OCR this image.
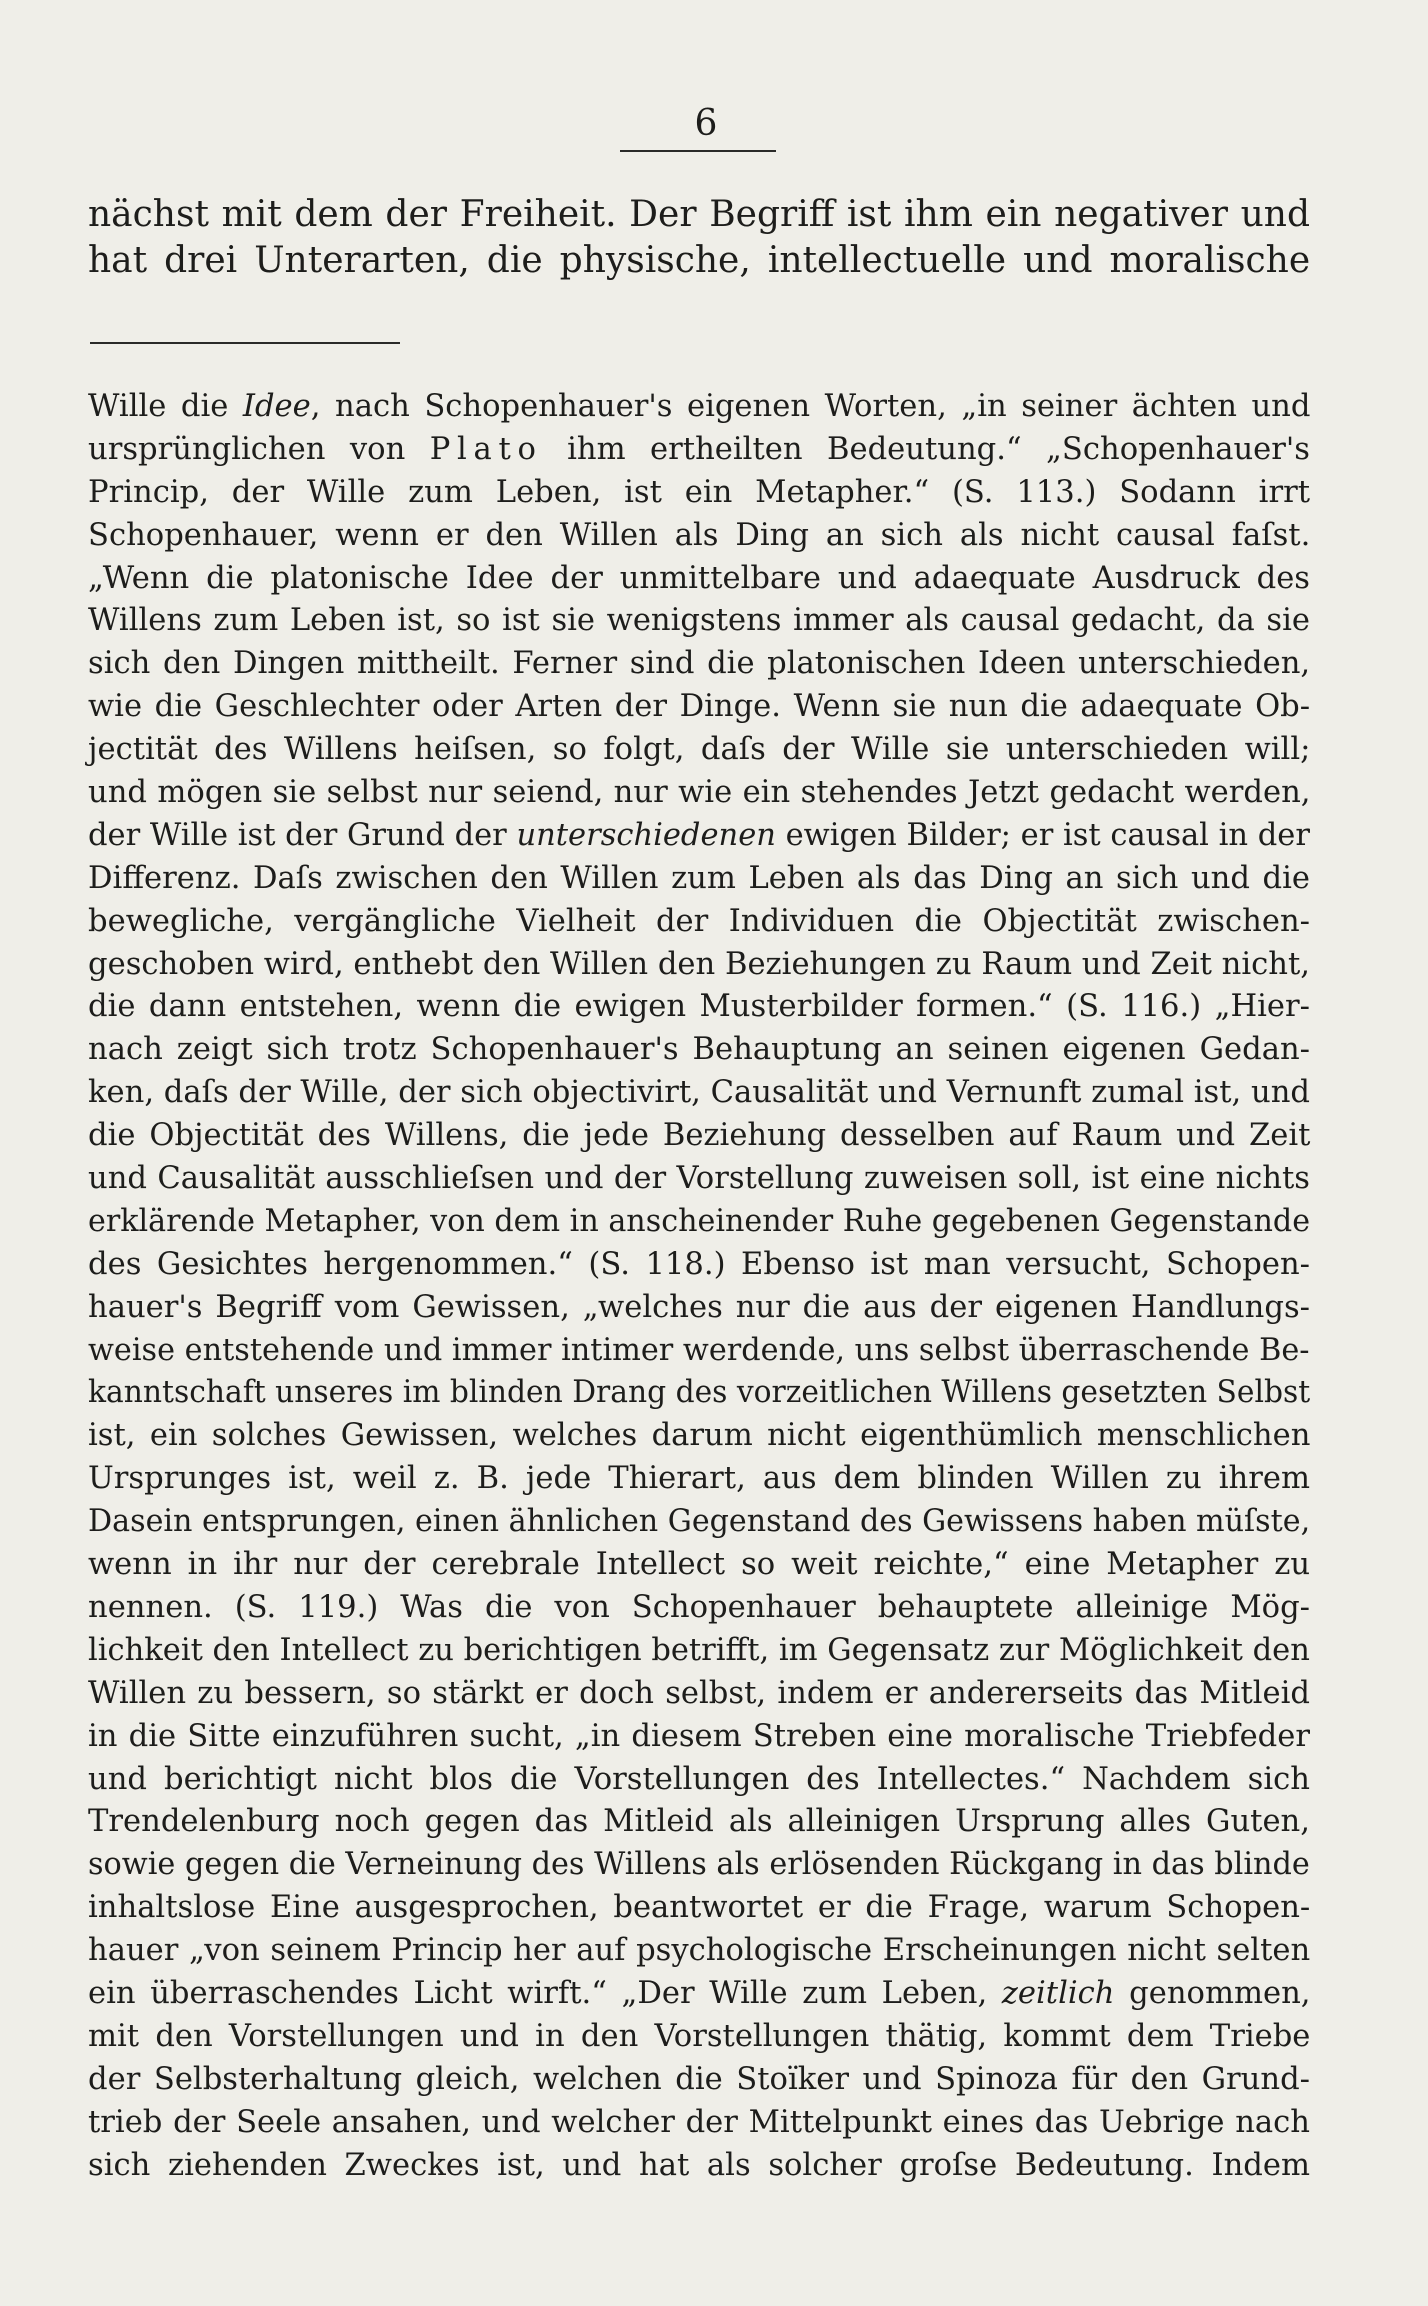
6
nächst mit dem der Freiheit. Der Begriff ist ihm ein negativer und
hat drei Unterarten, die physische, intellectuelle und moralische
Wille die Idee, nach Schopenhauer's eigenen Worten, „in seiner ächten und
ursprünglichen von Plato ihm ertheilten Bedeutung.“ „Schopenhauer's
Princip, der Wille zum Leben, ist ein Metapher.“ (S. 113.) Sodann irrt
Schopenhauer, wenn er den Willen als Ding an sich als nicht causal faſst.
„Wenn die platonische Idee der unmittelbare und adaequate Ausdruck des
Willens zum Leben ist, so ist sie wenigstens immer als causal gedacht, da sie
sich den Dingen mittheilt. Ferner sind die platonischen Ideen unterschieden,
wie die Geschlechter oder Arten der Dinge. Wenn sie nun die adaequate Ob-
jectität des Willens heiſsen, so folgt, daſs der Wille sie unterschieden will;
und mögen sie selbst nur seiend, nur wie ein stehendes Jetzt gedacht werden,
der Wille ist der Grund der unterschiedenen ewigen Bilder; er ist causal in der
Differenz. Daſs zwischen den Willen zum Leben als das Ding an sich und die
bewegliche, vergängliche Vielheit der Individuen die Objectität zwischen-
geschoben wird, enthebt den Willen den Beziehungen zu Raum und Zeit nicht,
die dann entstehen, wenn die ewigen Musterbilder formen.“ (S. 116.) „Hier-
nach zeigt sich trotz Schopenhauer's Behauptung an seinen eigenen Gedan-
ken, daſs der Wille, der sich objectivirt, Causalität und Vernunft zumal ist, und
die Objectität des Willens, die jede Beziehung desselben auf Raum und Zeit
und Causalität ausschlieſsen und der Vorstellung zuweisen soll, ist eine nichts
erklärende Metapher, von dem in anscheinender Ruhe gegebenen Gegenstande
des Gesichtes hergenommen.“ (S. 118.) Ebenso ist man versucht, Schopen-
hauer's Begriff vom Gewissen, „welches nur die aus der eigenen Handlungs-
weise entstehende und immer intimer werdende, uns selbst überraschende Be-
kanntschaft unseres im blinden Drang des vorzeitlichen Willens gesetzten Selbst
ist, ein solches Gewissen, welches darum nicht eigenthümlich menschlichen
Ursprunges ist, weil z. B. jede Thierart, aus dem blinden Willen zu ihrem
Dasein entsprungen, einen ähnlichen Gegenstand des Gewissens haben müſste,
wenn in ihr nur der cerebrale Intellect so weit reichte,“ eine Metapher zu
nennen. (S. 119.) Was die von Schopenhauer behauptete alleinige Mög-
lichkeit den Intellect zu berichtigen betrifft, im Gegensatz zur Möglichkeit den
Willen zu bessern, so stärkt er doch selbst, indem er andererseits das Mitleid
in die Sitte einzuführen sucht, „in diesem Streben eine moralische Triebfeder
und berichtigt nicht blos die Vorstellungen des Intellectes.“ Nachdem sich
Trendelenburg noch gegen das Mitleid als alleinigen Ursprung alles Guten,
sowie gegen die Verneinung des Willens als erlösenden Rückgang in das blinde
inhaltslose Eine ausgesprochen, beantwortet er die Frage, warum Schopen-
hauer „von seinem Princip her auf psychologische Erscheinungen nicht selten
ein überraschendes Licht wirft.“ „Der Wille zum Leben, zeitlich genommen,
mit den Vorstellungen und in den Vorstellungen thätig, kommt dem Triebe
der Selbsterhaltung gleich, welchen die Stoïker und Spinoza für den Grund-
trieb der Seele ansahen, und welcher der Mittelpunkt eines das Uebrige nach
sich ziehenden Zweckes ist, und hat als solcher groſse Bedeutung. Indem
